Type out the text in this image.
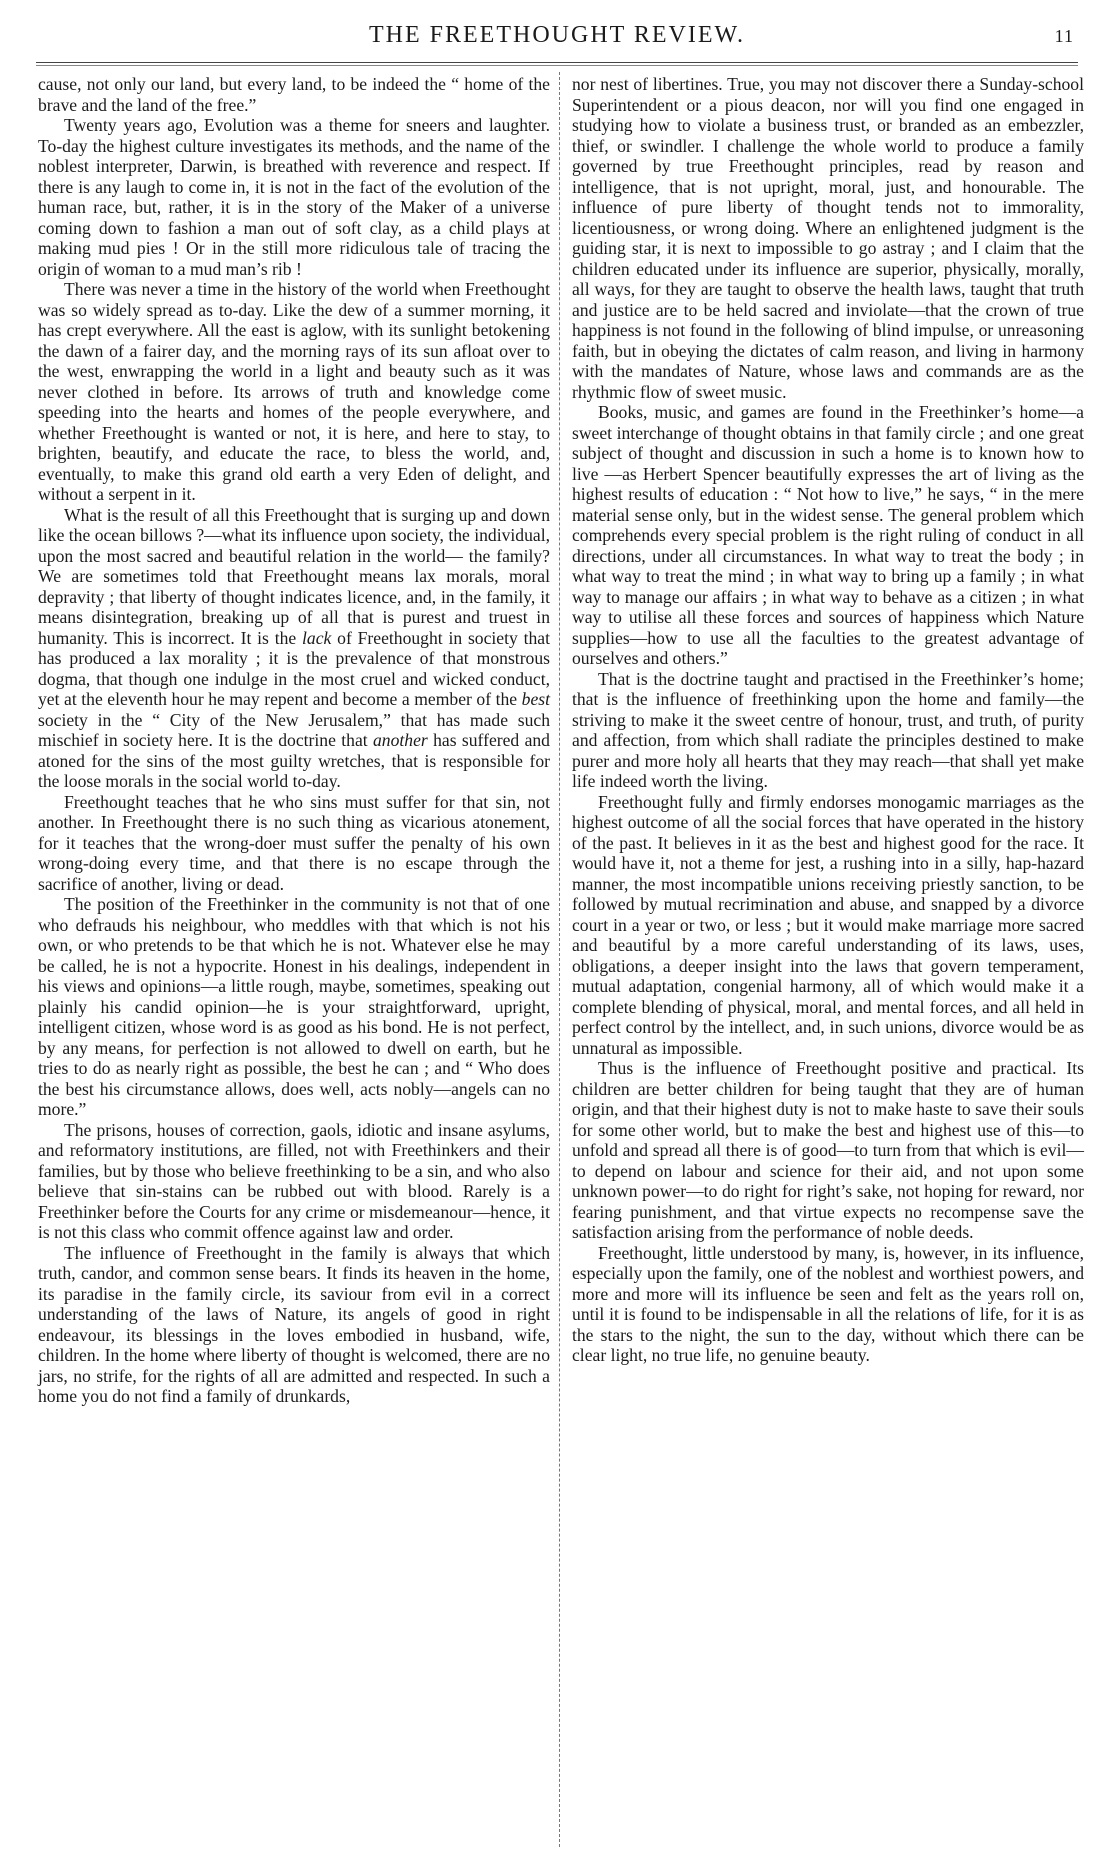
THE FREETHOUGHT REVIEW.	11

cause, not only our land, but every land, to be indeed the “ home of the brave and the land of the free.”

Twenty years ago, Evolution was a theme for sneers and laughter. To-day the highest culture investigates its methods, and the name of the noblest interpreter, Darwin, is breathed with reverence and respect. If there is any laugh to come in, it is not in the fact of the evolution of the human race, but, rather, it is in the story of the Maker of a universe coming down to fashion a man out of soft clay, as a child plays at making mud pies ! Or in the still more ridiculous tale of tracing the origin of woman to a mud man’s rib !

There was never a time in the history of the world when Freethought was so widely spread as to-day. Like the dew of a summer morning, it has crept everywhere. All the east is aglow, with its sunlight betokening the dawn of a fairer day, and the morning rays of its sun afloat over to the west, enwrapping the world in a light and beauty such as it was never clothed in before. Its arrows of truth and knowledge come speeding into the hearts and homes of the people everywhere, and whether Freethought is wanted or not, it is here, and here to stay, to brighten, beautify, and educate the race, to bless the world, and, eventually, to make this grand old earth a very Eden of delight, and without a serpent in it.

What is the result of all this Freethought that is surging up and down like the ocean billows ?—what its influence upon society, the individual, upon the most sacred and beautiful relation in the world— the family? We are sometimes told that Freethought means lax morals, moral depravity ; that liberty of thought indicates licence, and, in the family, it means disintegration, breaking up of all that is purest and truest in humanity. This is incorrect. It is the lack of Freethought in society that has produced a lax morality ; it is the prevalence of that monstrous dogma, that though one indulge in the most cruel and wicked conduct, yet at the eleventh hour he may repent and become a member of the best society in the “ City of the New Jerusalem,” that has made such mischief in society here. It is the doctrine that another has suffered and atoned for the sins of the most guilty wretches, that is responsible for the loose morals in the social world to-day.

Freethought teaches that he who sins must suffer for that sin, not another. In Freethought there is no such thing as vicarious atonement, for it teaches that the wrong-doer must suffer the penalty of his own wrong-doing every time, and that there is no escape through the sacrifice of another, living or dead.

The position of the Freethinker in the community is not that of one who defrauds his neighbour, who meddles with that which is not his own, or who pretends to be that which he is not. Whatever else he may be called, he is not a hypocrite. Honest in his dealings, independent in his views and opinions—a little rough, maybe, sometimes, speaking out plainly his candid opinion—he is your straightforward, upright, intelligent citizen, whose word is as good as his bond. He is not perfect, by any means, for perfection is not allowed to dwell on earth, but he tries to do as nearly right as possible, the best he can ; and “ Who does the best his circumstance allows, does well, acts nobly—angels can no more.”

The prisons, houses of correction, gaols, idiotic and insane asylums, and reformatory institutions, are filled, not with Freethinkers and their families, but by those who believe freethinking to be a sin, and who also believe that sin-stains can be rubbed out with blood. Rarely is a Freethinker before the Courts for any crime or misdemeanour—hence, it is not this class who commit offence against law and order.

The influence of Freethought in the family is always that which truth, candor, and common sense bears. It finds its heaven in the home, its paradise in the family circle, its saviour from evil in a correct understanding of the laws of Nature, its angels of good in right endeavour, its blessings in the loves embodied in husband, wife, children. In the home where liberty of thought is welcomed, there are no jars, no strife, for the rights of all are admitted and respected. In such a home you do not find a family of drunkards,

nor nest of libertines. True, you may not discover there a Sunday-school Superintendent or a pious deacon, nor will you find one engaged in studying how to violate a business trust, or branded as an embezzler, thief, or swindler. I challenge the whole world to produce a family governed by true Freethought principles, read by reason and intelligence, that is not upright, moral, just, and honourable. The influence of pure liberty of thought tends not to immorality, licentiousness, or wrong doing. Where an enlightened judgment is the guiding star, it is next to impossible to go astray ; and I claim that the children educated under its influence are superior, physically, morally, all ways, for they are taught to observe the health laws, taught that truth and justice are to be held sacred and inviolate—that the crown of true happiness is not found in the following of blind impulse, or unreasoning faith, but in obeying the dictates of calm reason, and living in harmony with the mandates of Nature, whose laws and commands are as the rhythmic flow of sweet music.

Books, music, and games are found in the Freethinker’s home—a sweet interchange of thought obtains in that family circle ; and one great subject of thought and discussion in such a home is to known how to live —as Herbert Spencer beautifully expresses the art of living as the highest results of education : “ Not how to live,” he says, “ in the mere material sense only, but in the widest sense. The general problem which comprehends every special problem is the right ruling of conduct in all directions, under all circumstances. In what way to treat the body ; in what way to treat the mind ; in what way to bring up a family ; in what way to manage our affairs ; in what way to behave as a citizen ; in what way to utilise all these forces and sources of happiness which Nature supplies—how to use all the faculties to the greatest advantage of ourselves and others.”

That is the doctrine taught and practised in the Freethinker’s home; that is the influence of freethinking upon the home and family—the striving to make it the sweet centre of honour, trust, and truth, of purity and affection, from which shall radiate the principles destined to make purer and more holy all hearts that they may reach—that shall yet make life indeed worth the living.

Freethought fully and firmly endorses monogamic marriages as the highest outcome of all the social forces that have operated in the history of the past. It believes in it as the best and highest good for the race. It would have it, not a theme for jest, a rushing into in a silly, hap-hazard manner, the most incompatible unions receiving priestly sanction, to be followed by mutual recrimination and abuse, and snapped by a divorce court in a year or two, or less ; but it would make marriage more sacred and beautiful by a more careful understanding of its laws, uses, obligations, a deeper insight into the laws that govern temperament, mutual adaptation, congenial harmony, all of which would make it a complete blending of physical, moral, and mental forces, and all held in perfect control by the intellect, and, in such unions, divorce would be as unnatural as impossible.

Thus is the influence of Freethought positive and practical. Its children are better children for being taught that they are of human origin, and that their highest duty is not to make haste to save their souls for some other world, but to make the best and highest use of this—to unfold and spread all there is of good—to turn from that which is evil—to depend on labour and science for their aid, and not upon some unknown power—to do right for right’s sake, not hoping for reward, nor fearing punishment, and that virtue expects no recompense save the satisfaction arising from the performance of noble deeds.

Freethought, little understood by many, is, however, in its influence, especially upon the family, one of the noblest and worthiest powers, and more and more will its influence be seen and felt as the years roll on, until it is found to be indispensable in all the relations of life, for it is as the stars to the night, the sun to the day, without which there can be clear light, no true life, no genuine beauty.
